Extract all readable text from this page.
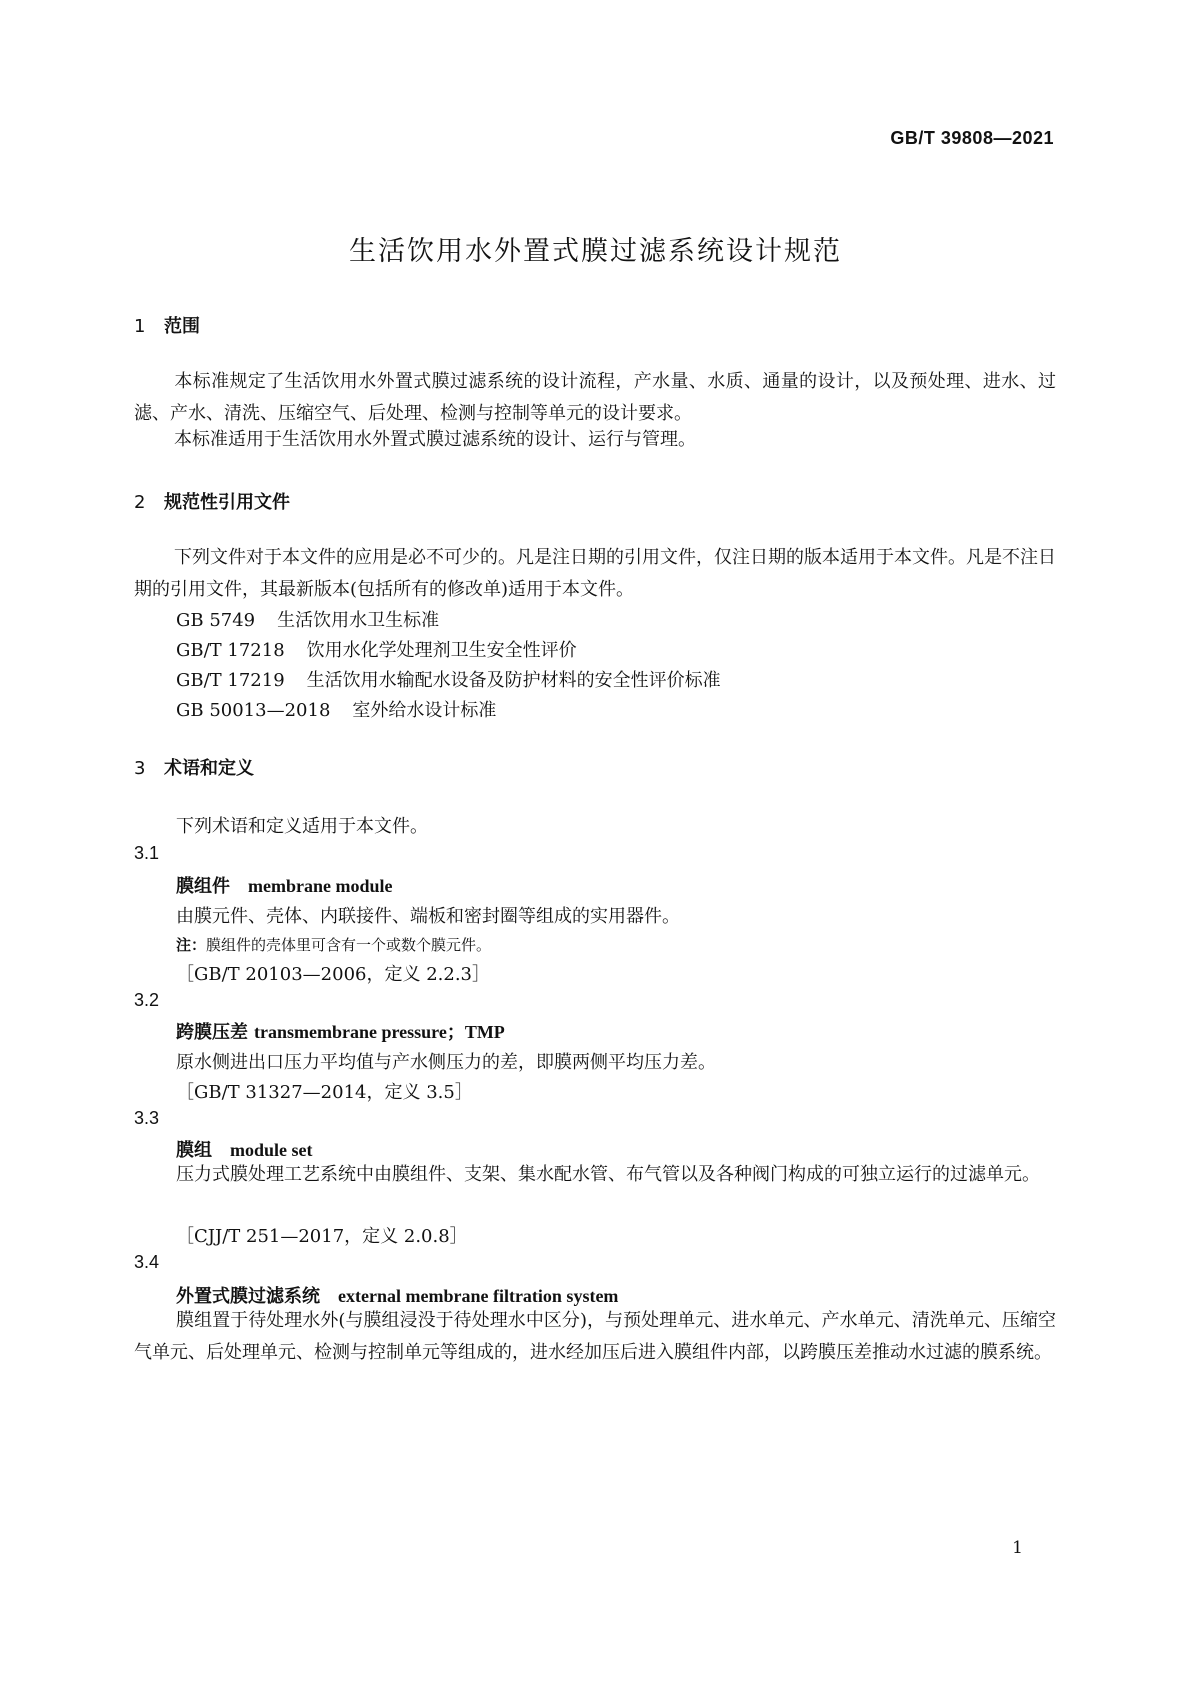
GB/T 39808—2021
生活饮用水外置式膜过滤系统设计规范
1 范围
本标准规定了生活饮用水外置式膜过滤系统的设计流程，产水量、水质、通量的设计，以及预处理、进水、过滤、产水、清洗、压缩空气、后处理、检测与控制等单元的设计要求。
本标准适用于生活饮用水外置式膜过滤系统的设计、运行与管理。
2 规范性引用文件
下列文件对于本文件的应用是必不可少的。凡是注日期的引用文件，仅注日期的版本适用于本文件。凡是不注日期的引用文件，其最新版本(包括所有的修改单)适用于本文件。
GB 5749 生活饮用水卫生标准
GB/T 17218 饮用水化学处理剂卫生安全性评价
GB/T 17219 生活饮用水输配水设备及防护材料的安全性评价标准
GB 50013—2018 室外给水设计标准
3 术语和定义
下列术语和定义适用于本文件。
3.1
膜组件 membrane module
由膜元件、壳体、内联接件、端板和密封圈等组成的实用器件。
注：膜组件的壳体里可含有一个或数个膜元件。
［GB/T 20103—2006，定义 2.2.3］
3.2
跨膜压差 transmembrane pressure；TMP
原水侧进出口压力平均值与产水侧压力的差，即膜两侧平均压力差。
［GB/T 31327—2014，定义 3.5］
3.3
膜组 module set
压力式膜处理工艺系统中由膜组件、支架、集水配水管、布气管以及各种阀门构成的可独立运行的过滤单元。
［CJJ/T 251—2017，定义 2.0.8］
3.4
外置式膜过滤系统 external membrane filtration system
膜组置于待处理水外(与膜组浸没于待处理水中区分)，与预处理单元、进水单元、产水单元、清洗单元、压缩空气单元、后处理单元、检测与控制单元等组成的，进水经加压后进入膜组件内部，以跨膜压差推动水过滤的膜系统。
1
